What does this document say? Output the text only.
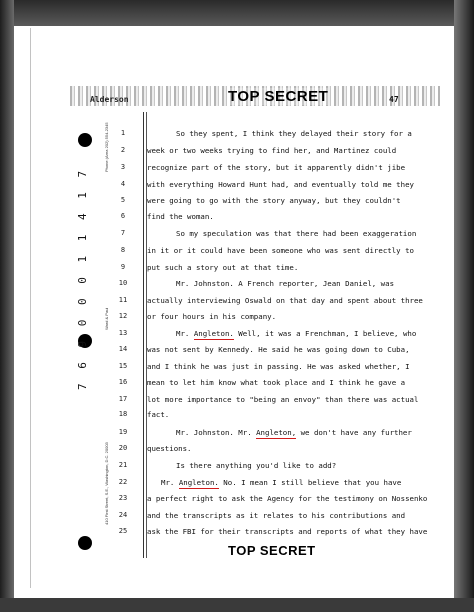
Alderson	TOP SECRET	47
Phone (Area 202) 554-2345
Ward & Paul
410 First Street, S.E., Washington, D.C. 20003
7 6 9 0 0 0 1 1 4 1 7
1	So they spent, I think they delayed their story for a
2	week or two weeks trying to find her, and Martinez could
3	recognize part of the story, but it apparently didn't jibe
4	with everything Howard Hunt had, and eventually told me they
5	were going to go with the story anyway, but they couldn't
6	find the woman.
7	So my speculation was that there had been exaggeration
8	in it or it could have been someone who was sent directly to
9	put such a story out at that time.
10	Mr. Johnston. A French reporter, Jean Daniel, was
11	actually interviewing Oswald on that day and spent about three
12	or four hours in his company.
13	Mr. Angleton. Well, it was a Frenchman, I believe, who
14	was not sent by Kennedy. He said he was going down to Cuba,
15	and I think he was just in passing. He was asked whether, I
16	mean to let him know what took place and I think he gave a
17	lot more importance to "being an envoy" than there was actual
18	fact.
19	Mr. Johnston. Mr. Angleton, we don't have any further
20	questions.
21	Is there anything you'd like to add?
22	Mr. Angleton. No. I mean I still believe that you have
23	a perfect right to ask the Agency for the testimony on Nossenko
24	and the transcripts as it relates to his contributions and
25	ask the FBI for their transcripts and reports of what they have
TOP SECRET
